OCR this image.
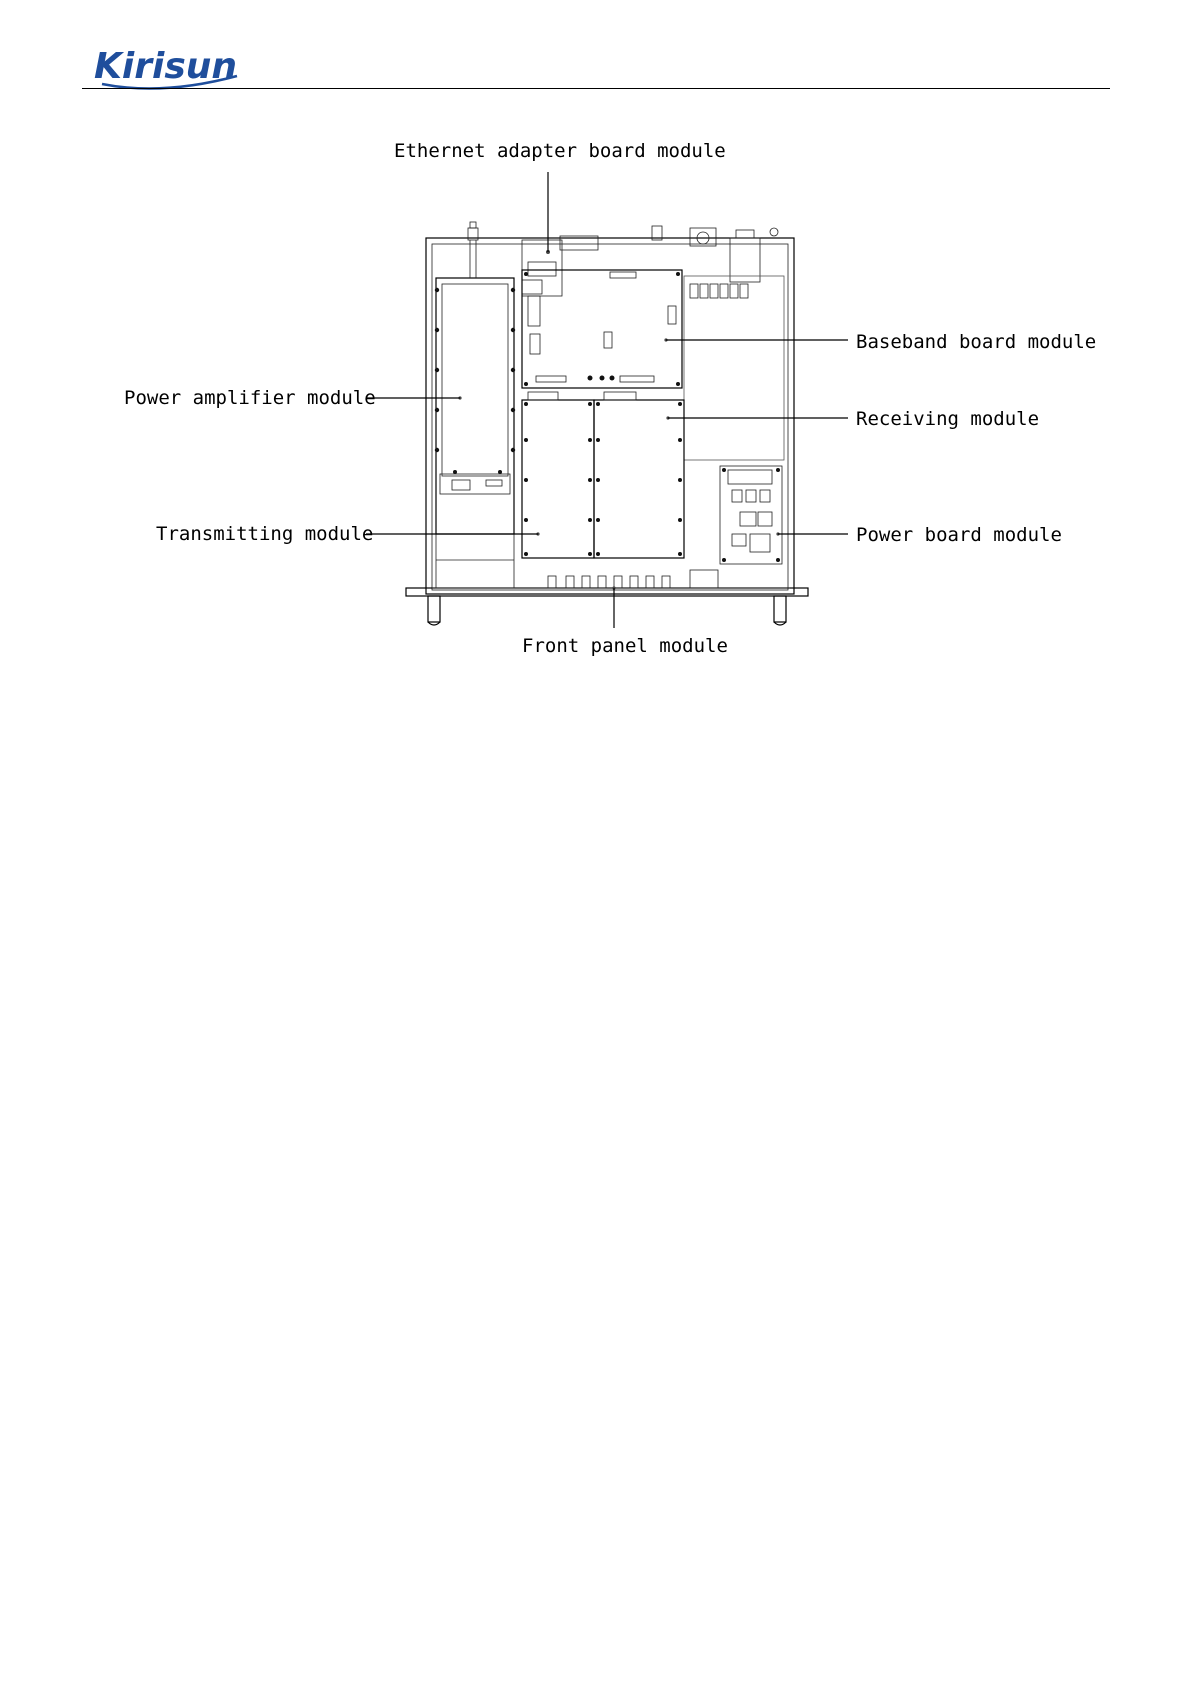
Kirisun
Ethernet adapter board module
Baseband board module
Power amplifier module
Receiving module
Transmitting module	Power board module
Front panel module
